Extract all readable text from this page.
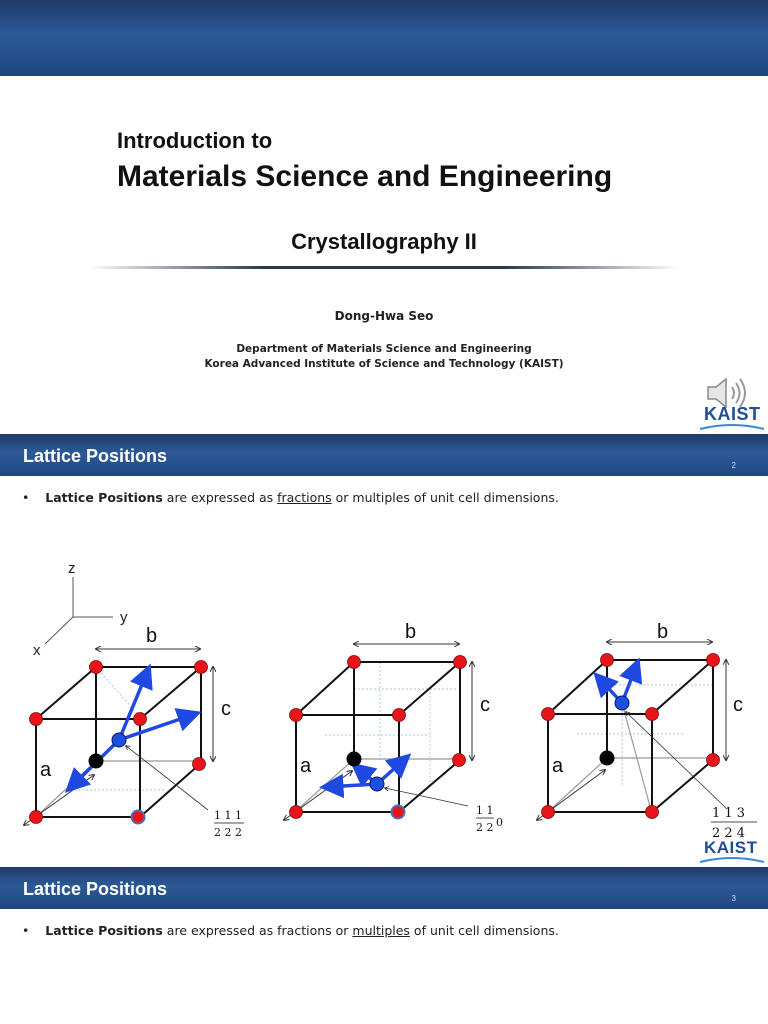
Introduction to
Materials Science and Engineering
Crystallography II
Dong-Hwa Seo
Department of Materials Science and Engineering
Korea Advanced Institute of Science and Technology (KAIST)
KAIST
Lattice Positions	2
•    Lattice Positions are expressed as fractions or multiples of unit cell dimensions.
z
y
x
b
c
a
1 1 1
2 2 2
b
c
a
1 1
2 2 0
b
c
a
1 1 3
2 2 4
KAIST
Lattice Positions	3
•    Lattice Positions are expressed as fractions or multiples of unit cell dimensions.
